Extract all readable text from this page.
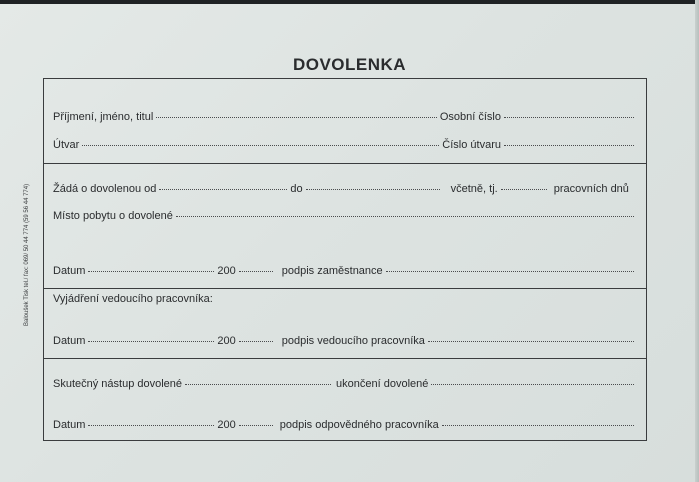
DOVOLENKA
Baloušek Tisk tel./ fax: 069/ 50 44 774 (59 56 44 774)
Příjmení, jméno, titul	Osobní číslo
Útvar	Číslo útvaru
Žádá o dovolenou od	do	včetně, tj.	pracovních dnů
Místo pobytu o dovolené
Datum	200	podpis zaměstnance
Vyjádření vedoucího pracovníka:
Datum	200	podpis vedoucího pracovníka
Skutečný nástup dovolené	ukončení dovolené
Datum	200	podpis odpovědného pracovníka
